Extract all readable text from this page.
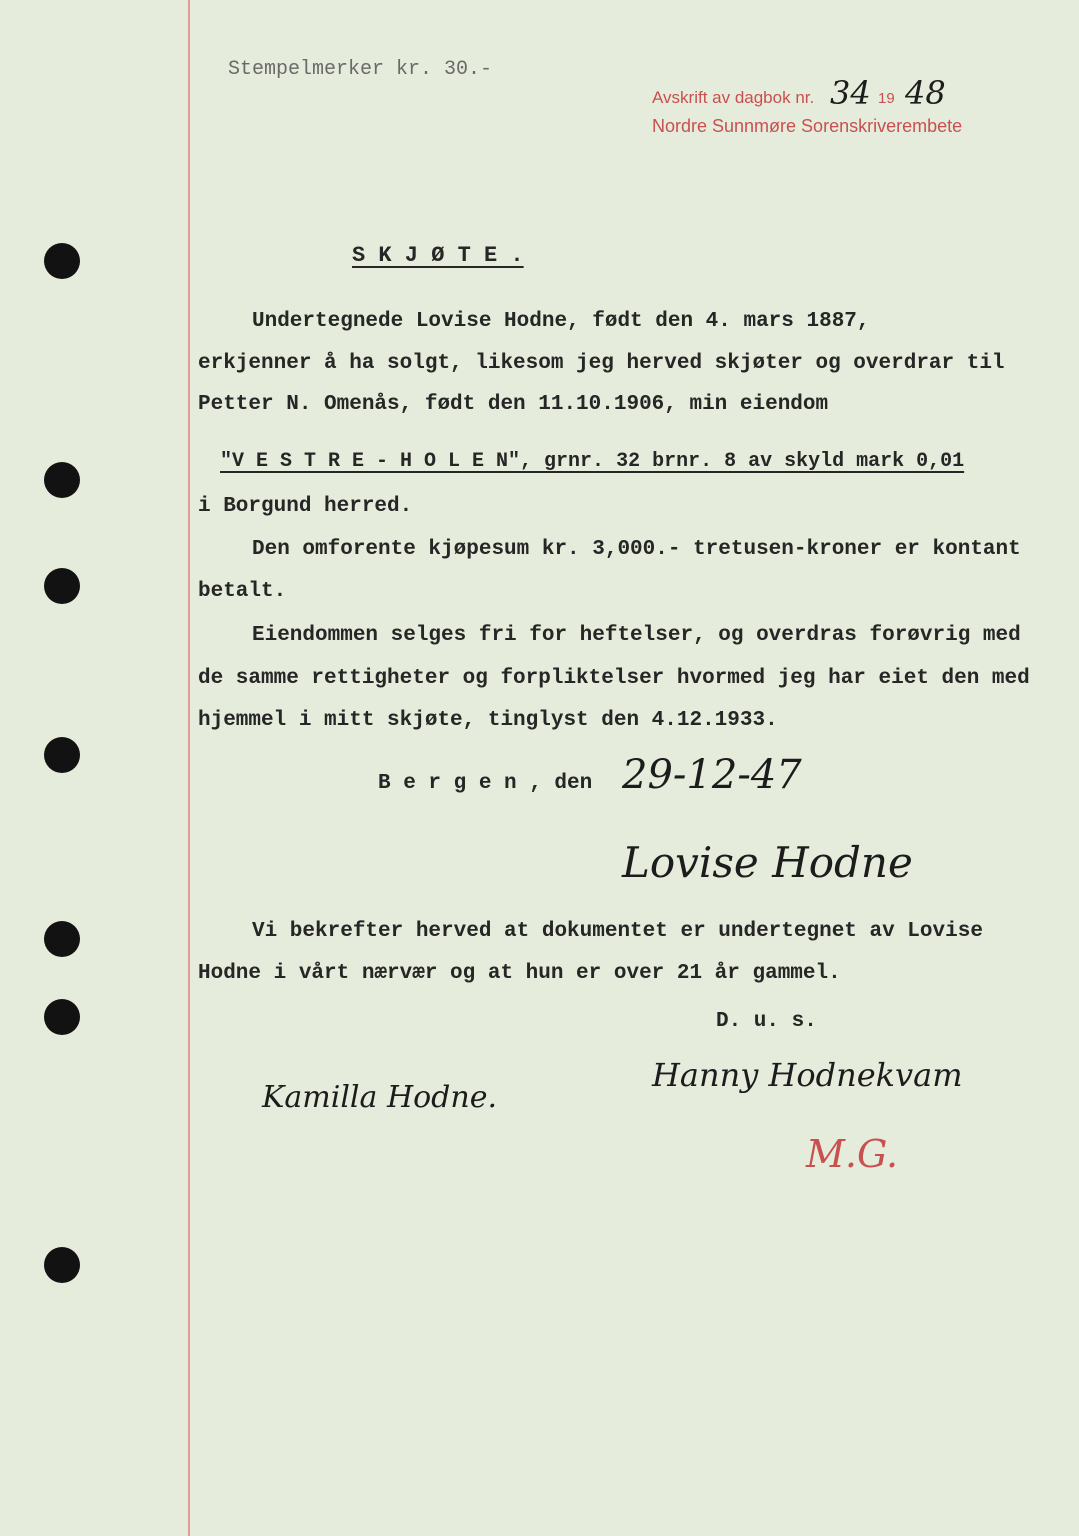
Stempelmerker kr. 30.-
Avskrift av dagbok nr. 34 19 48
Nordre Sunnmøre Sorenskriverembete
S K J Ø T E .
Undertegnede Lovise Hodne, født den 4. mars 1887,
erkjenner å ha solgt, likesom jeg herved skjøter og overdrar til
Petter N. Omenås, født den 11.10.1906, min eiendom
"V E S T R E - H O L E N", grnr. 32 brnr. 8 av skyld mark 0,01
i Borgund herred.
Den omforente kjøpesum kr. 3,000.- tretusen-kroner er kontant
betalt.
Eiendommen selges fri for heftelser, og overdras forøvrig med
de samme rettigheter og forpliktelser hvormed jeg har eiet den med
hjemmel i mitt skjøte, tinglyst den 4.12.1933.
B e r g e n , den 29-12-47
Lovise Hodne
Vi bekrefter herved at dokumentet er undertegnet av Lovise
Hodne i vårt nærvær og at hun er over 21 år gammel.
D. u. s.
Kamilla Hodne.
Hanny Hodnekvam
M.G.
